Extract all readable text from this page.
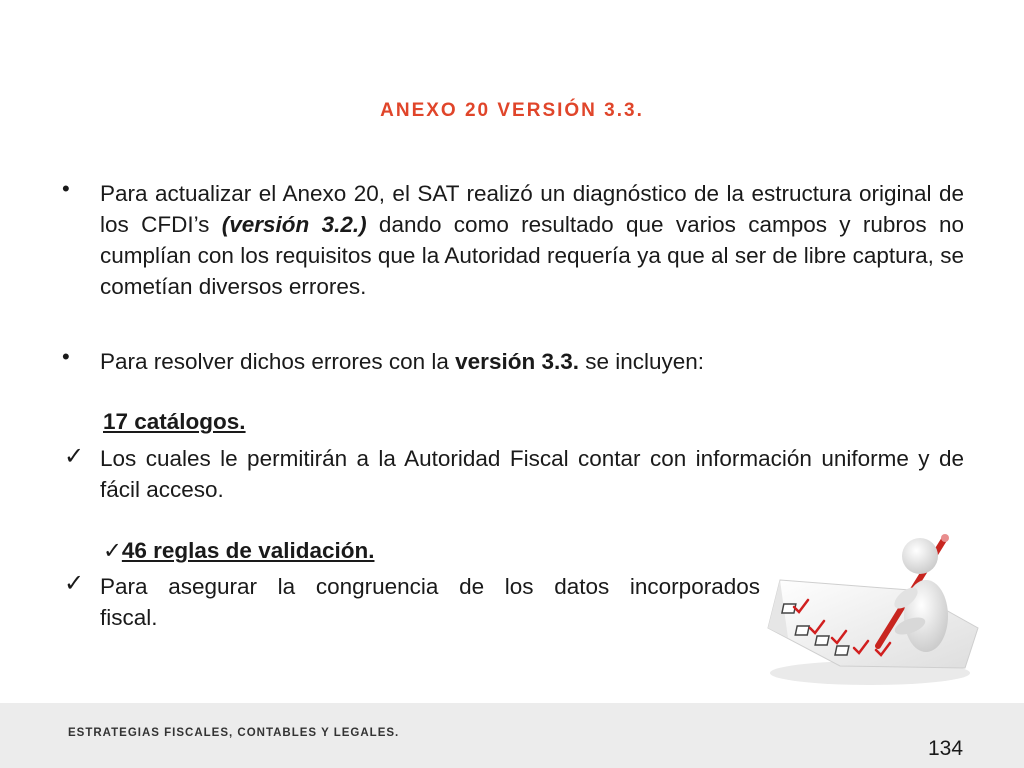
ANEXO 20 VERSIÓN 3.3.
• Para actualizar el Anexo 20, el SAT realizó un diagnóstico de la estructura original de los CFDI’s (versión 3.2.) dando como resultado que varios campos y rubros no cumplían con los requisitos que la Autoridad requería ya que al ser de libre captura, se cometían diversos errores.
• Para resolver dichos errores con la versión 3.3. se incluyen:
17 catálogos.
✓ Los cuales le permitirán a la Autoridad Fiscal contar con información uniforme y de fácil acceso.
✓46 reglas de validación.
✓ Para asegurar la congruencia de los datos incorporados
fiscal.
ESTRATEGIAS FISCALES, CONTABLES Y LEGALES.
134
